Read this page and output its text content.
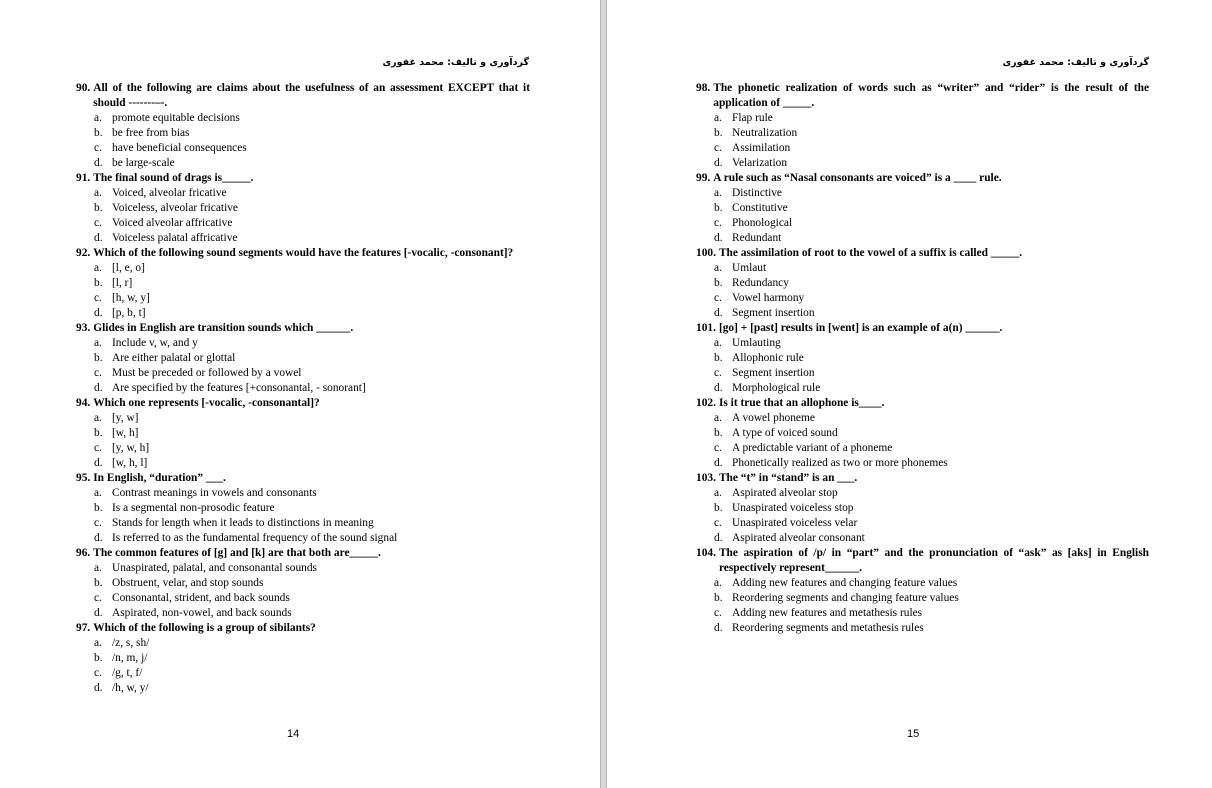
گردآوری و تالیف: محمد غفوری
90. All of the following are claims about the usefulness of an assessment EXCEPT that it should -------–-.
a. promote equitable decisions
b. be free from bias
c. have beneficial consequences
d. be large-scale
91. The final sound of drags is_____.
a. Voiced, alveolar fricative
b. Voiceless, alveolar fricative
c. Voiced alveolar affricative
d. Voiceless palatal affricative
92. Which of the following sound segments would have the features [-vocalic, -consonant]?
a. [l, e, o]
b. [l, r]
c. [h, w, y]
d. [p, b, t]
93. Glides in English are transition sounds which ______.
a. Include v, w, and y
b. Are either palatal or glottal
c. Must be preceded or followed by a vowel
d. Are specified by the features [+consonantal, - sonorant]
94. Which one represents [-vocalic, -consonantal]?
a. [y, w]
b. [w, h]
c. [y, w, h]
d. [w, h, l]
95. In English, “duration” ___.
a. Contrast meanings in vowels and consonants
b. Is a segmental non-prosodic feature
c. Stands for length when it leads to distinctions in meaning
d. Is referred to as the fundamental frequency of the sound signal
96. The common features of [g] and [k] are that both are_____.
a. Unaspirated, palatal, and consonantal sounds
b. Obstruent, velar, and stop sounds
c. Consonantal, strident, and back sounds
d. Aspirated, non-vowel, and back sounds
97. Which of the following is a group of sibilants?
a. /z, s, sh/
b. /n, m, j/
c. /g, t, f/
d. /h, w, y/
14
گردآوری و تالیف: محمد غفوری
98. The phonetic realization of words such as “writer” and “rider” is the result of the application of _____.
a. Flap rule
b. Neutralization
c. Assimilation
d. Velarization
99. A rule such as “Nasal consonants are voiced” is a ____ rule.
a. Distinctive
b. Constitutive
c. Phonological
d. Redundant
100. The assimilation of root to the vowel of a suffix is called _____.
a. Umlaut
b. Redundancy
c. Vowel harmony
d. Segment insertion
101. [go] + [past] results in [went] is an example of a(n) ______.
a. Umlauting
b. Allophonic rule
c. Segment insertion
d. Morphological rule
102. Is it true that an allophone is____.
a. A vowel phoneme
b. A type of voiced sound
c. A predictable variant of a phoneme
d. Phonetically realized as two or more phonemes
103. The “t” in “stand” is an ___.
a. Aspirated alveolar stop
b. Unaspirated voiceless stop
c. Unaspirated voiceless velar
d. Aspirated alveolar consonant
104. The aspiration of /p/ in “part” and the pronunciation of “ask” as [aks] in English respectively represent______.
a. Adding new features and changing feature values
b. Reordering segments and changing feature values
c. Adding new features and metathesis rules
d. Reordering segments and metathesis rules
15
